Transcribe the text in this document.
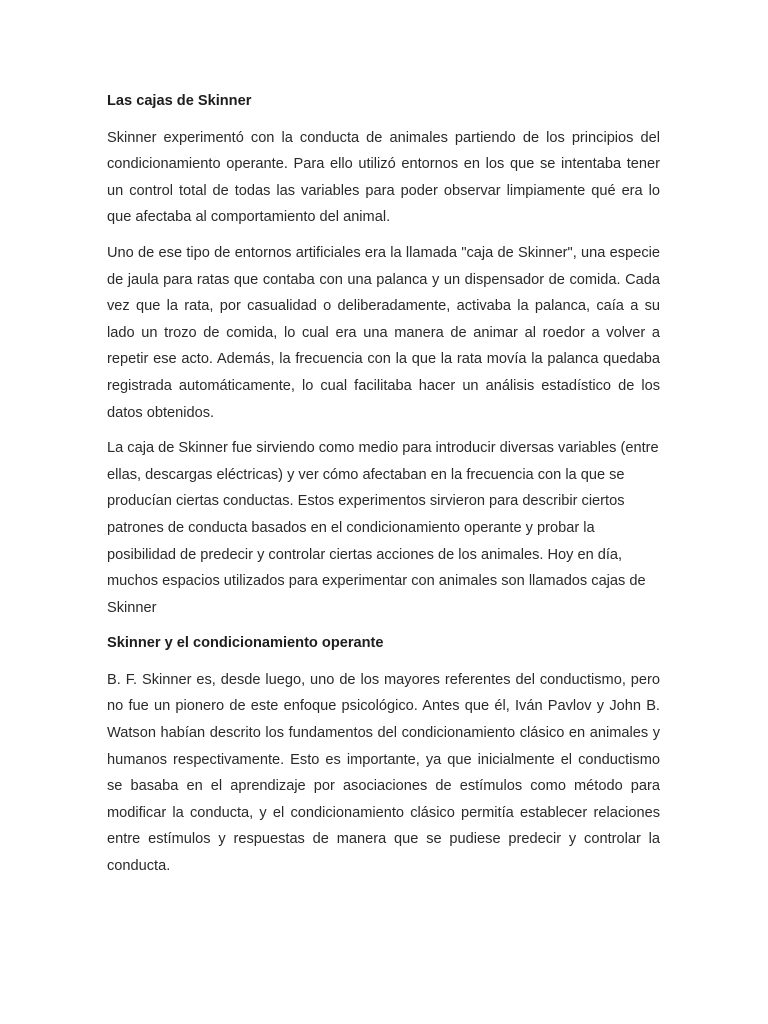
Las cajas de Skinner

Skinner experimentó con la conducta de animales partiendo de los principios del condicionamiento operante. Para ello utilizó entornos en los que se intentaba tener un control total de todas las variables para poder observar limpiamente qué era lo que afectaba al comportamiento del animal.

Uno de ese tipo de entornos artificiales era la llamada "caja de Skinner", una especie de jaula para ratas que contaba con una palanca y un dispensador de comida. Cada vez que la rata, por casualidad o deliberadamente, activaba la palanca, caía a su lado un trozo de comida, lo cual era una manera de animar al roedor a volver a repetir ese acto. Además, la frecuencia con la que la rata movía la palanca quedaba registrada automáticamente, lo cual facilitaba hacer un análisis estadístico de los datos obtenidos.

La caja de Skinner fue sirviendo como medio para introducir diversas variables (entre ellas, descargas eléctricas) y ver cómo afectaban en la frecuencia con la que se producían ciertas conductas. Estos experimentos sirvieron para describir ciertos patrones de conducta basados en el condicionamiento operante y probar la posibilidad de predecir y controlar ciertas acciones de los animales. Hoy en día, muchos espacios utilizados para experimentar con animales son llamados cajas de Skinner

Skinner y el condicionamiento operante

B. F. Skinner es, desde luego, uno de los mayores referentes del conductismo, pero no fue un pionero de este enfoque psicológico. Antes que él, Iván Pavlov y John B. Watson habían descrito los fundamentos del condicionamiento clásico en animales y humanos respectivamente. Esto es importante, ya que inicialmente el conductismo se basaba en el aprendizaje por asociaciones de estímulos como método para modificar la conducta, y el condicionamiento clásico permitía establecer relaciones entre estímulos y respuestas de manera que se pudiese predecir y controlar la conducta.
